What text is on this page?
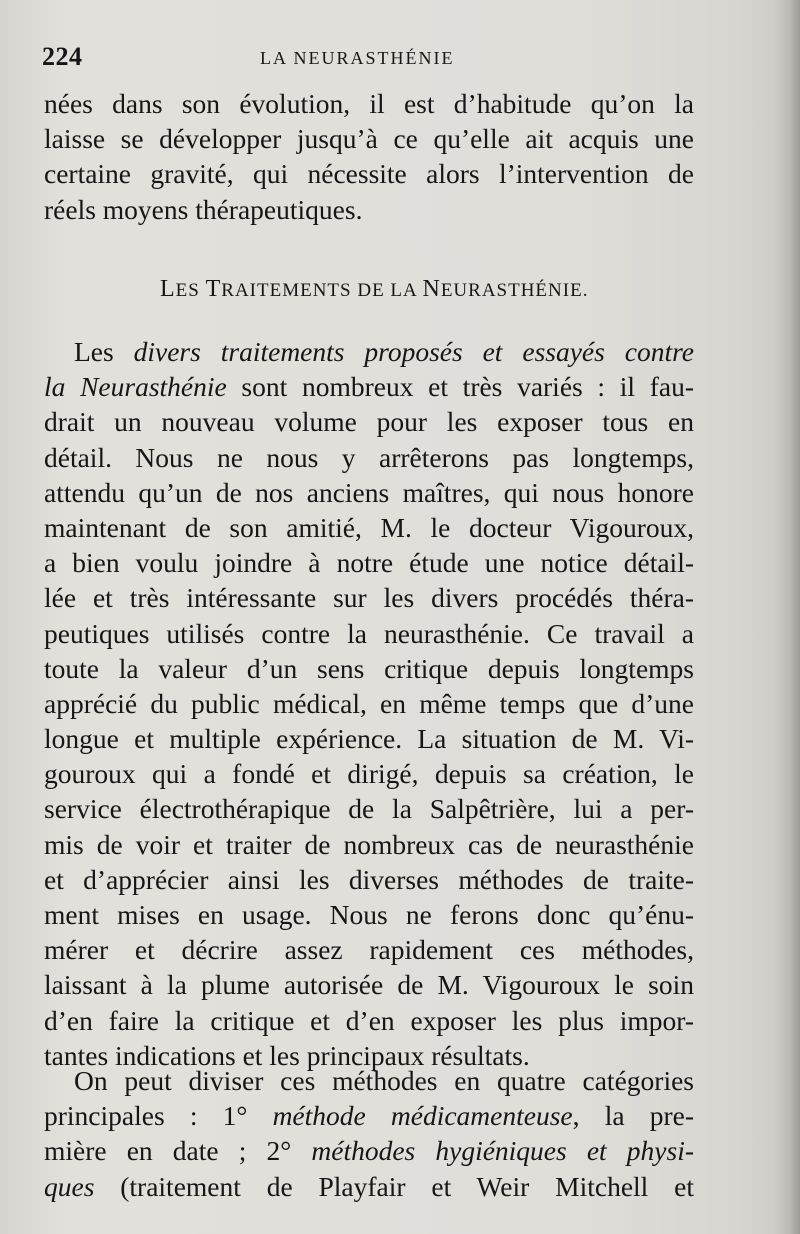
224	LA NEURASTHÉNIE
nées dans son évolution, il est d’habitude qu’on la
laisse se développer jusqu’à ce qu’elle ait acquis une
certaine gravité, qui nécessite alors l’intervention de
réels moyens thérapeutiques.
LES TRAITEMENTS DE LA NEURASTHÉNIE.
Les divers traitements proposés et essayés contre
la Neurasthénie sont nombreux et très variés : il fau-
drait un nouveau volume pour les exposer tous en
détail. Nous ne nous y arrêterons pas longtemps,
attendu qu’un de nos anciens maîtres, qui nous honore
maintenant de son amitié, M. le docteur Vigouroux,
a bien voulu joindre à notre étude une notice détail-
lée et très intéressante sur les divers procédés théra-
peutiques utilisés contre la neurasthénie. Ce travail a
toute la valeur d’un sens critique depuis longtemps
apprécié du public médical, en même temps que d’une
longue et multiple expérience. La situation de M. Vi-
gouroux qui a fondé et dirigé, depuis sa création, le
service électrothérapique de la Salpêtrière, lui a per-
mis de voir et traiter de nombreux cas de neurasthénie
et d’apprécier ainsi les diverses méthodes de traite-
ment mises en usage. Nous ne ferons donc qu’énu-
mérer et décrire assez rapidement ces méthodes,
laissant à la plume autorisée de M. Vigouroux le soin
d’en faire la critique et d’en exposer les plus impor-
tantes indications et les principaux résultats.
On peut diviser ces méthodes en quatre catégories
principales : 1° méthode médicamenteuse, la pre-
mière en date ; 2° méthodes hygiéniques et physi-
ques (traitement de Playfair et Weir Mitchell et
